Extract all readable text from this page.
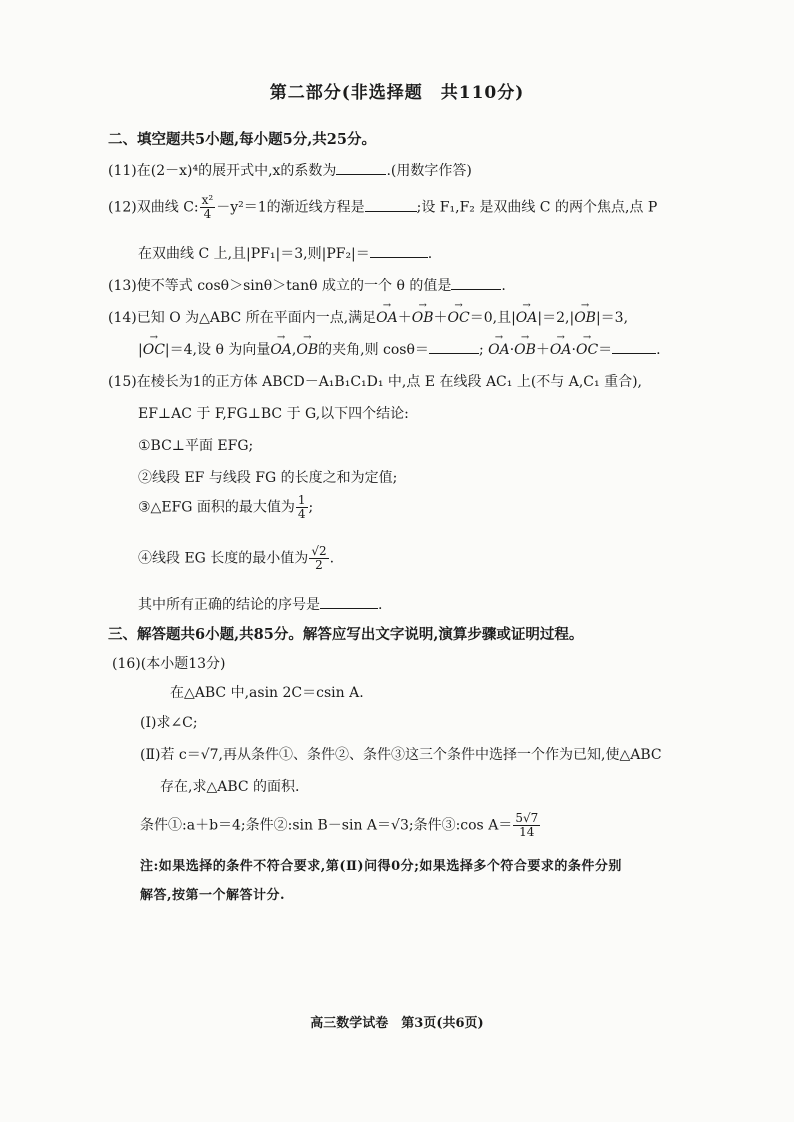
第二部分(非选择题　共110分)
二、填空题共5小题,每小题5分,共25分。
(11)在(2－x)⁴的展开式中,x的系数为	.(用数字作答)
(12)双曲线 C: $\frac{\text{x²}}{4} -y^2=1$的渐近线方程是	;设 F₁,F₂ 是双曲线 C 的两个焦点,点 P
在双曲线 C 上,且|PF₁|＝3,则|PF₂|＝	.
(13)使不等式 cosθ＞sinθ＞tanθ 成立的一个 θ 的值是	.
(14)已知 O 为△ABC 所在平面内一点,满足→ OA＋→ OB＋→ OC＝0,且|→ OA|＝2,|→ OB|＝3,
|→ OC|＝4,设 θ 为向量→ OA,→ OB的夹角,则 cosθ＝	; → OA·→ OB＋→ OA·→ OC＝	.
(15)在棱长为1的正方体 ABCD－A₁B₁C₁D₁ 中,点 E 在线段 AC₁ 上(不与 A,C₁ 重合),
EF⊥AC 于 F,FG⊥BC 于 G,以下四个结论:
①BC⊥平面 EFG;
②线段 EF 与线段 FG 的长度之和为定值;
③△EFG 面积的最大值为 $\frac{1}{4}$ ;
④线段 EG 长度的最小值为 $\frac{√2}{2}$ .
其中所有正确的结论的序号是	.
三、解答题共6小题,共85分。解答应写出文字说明,演算步骤或证明过程。
(16)(本小题13分)
在△ABC 中,asin 2C＝csin A.
(Ⅰ)求∠C;
(Ⅱ)若 c＝√7,再从条件①、条件②、条件③这三个条件中选择一个作为已知,使△ABC
存在,求△ABC 的面积.
条件①:a＋b＝4;条件②:sin B－sin A＝√3;条件③:cos $A= \frac{5√7}{14}$
注:如果选择的条件不符合要求,第(Ⅱ)问得0分;如果选择多个符合要求的条件分别
解答,按第一个解答计分.
高三数学试卷　第3页(共6页)
